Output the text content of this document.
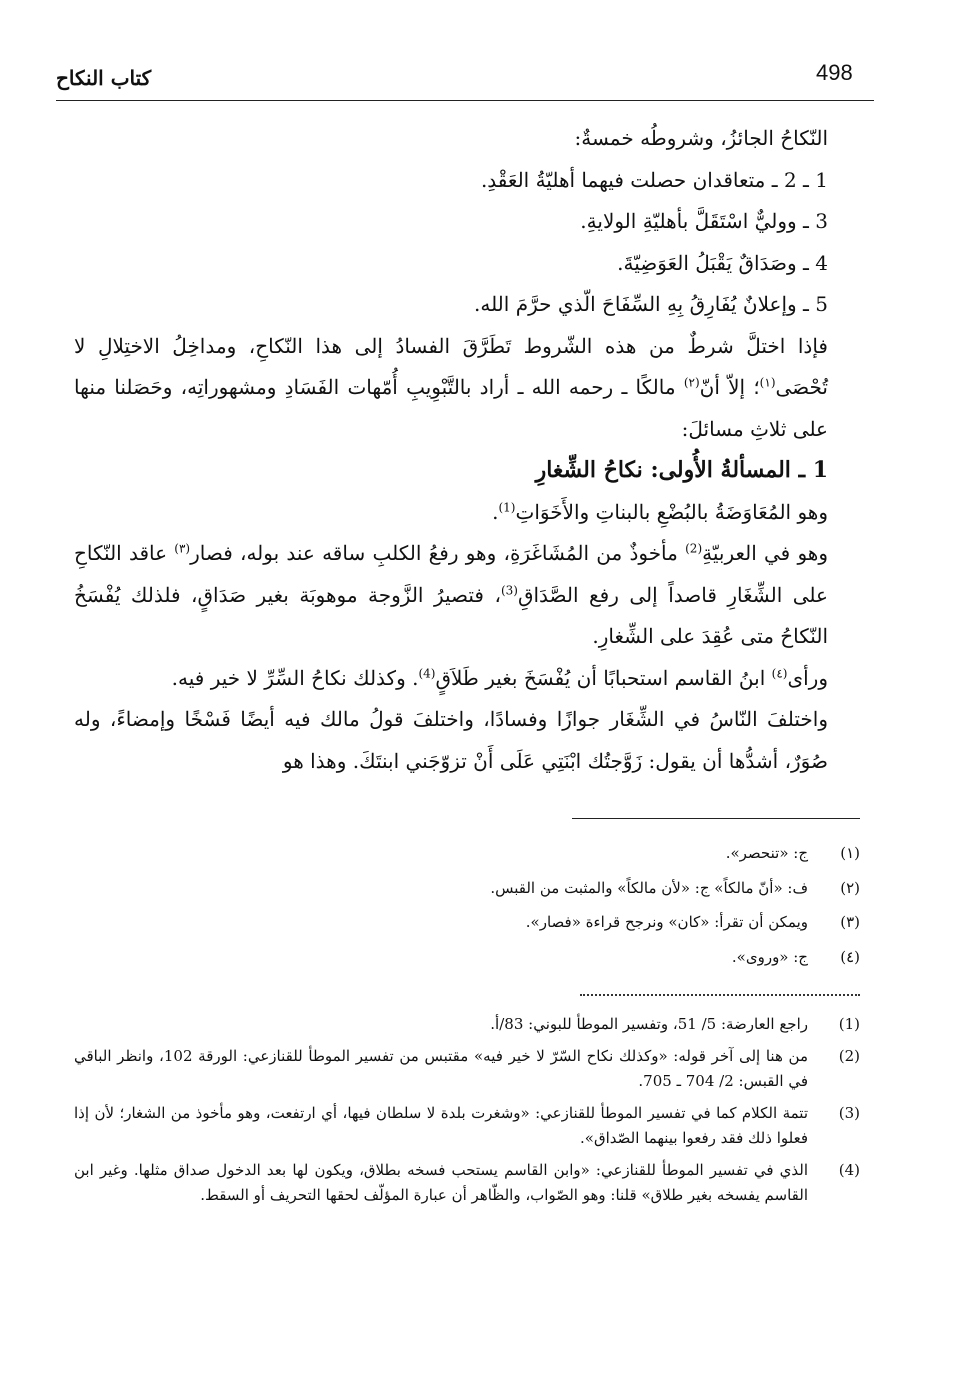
498
كتاب النكاح

النّكاحُ الجائزُ، وشروطُه خمسةٌ:

1 ـ 2 ـ متعاقدان حصلت فيهما أهليّةُ العَقْدِ.

3 ـ ووليٌّ اسْتَقَلَّ بأهليّةِ الولايةِ.

4 ـ وصَدَاقٌ يَقْبَلُ العَوَضِيّةَ.

5 ـ وإعلانٌ يُفَارِقُ بِهِ السِّفَاحَ الّذي حرَّمَ الله.

فإذا اختلَّ شرطٌ من هذه الشّروط تَطَرَّقَ الفسادُ إلى هذا النّكاحِ، ومداخِلُ الاختِلالِ لا تُحْصَى$^{(١)}$؛ إلاّ أنّ$^{(٢)}$ مالكًا ـ رحمه الله ـ أراد بالتَّبْوِيبِ أُمّهات الفَسَادِ ومشهوراتِه، وحَصَلنا منها على ثلاثِ مسائلَ:

1 ـ المسألةُ الأُولى: نكاحُ الشِّغارِ

وهو المُعَاوَضَةُ بالبُضْعِ بالبناتِ والأَخَوَاتِ$^{(1)}$.

وهو في العربيّةِ$^{(2)}$ مأخوذٌ من المُشَاغَرَةِ، وهو رفعُ الكلبِ ساقه عند بوله، فصار$^{(٣)}$ عاقد النّكاحِ على الشِّغَارِ قاصداً إلى رفع الصَّدَاقِ$^{(3)}$، فتصيرُ الزَّوجة موهوبَة بغير صَدَاقٍ، فلذلك يُفْسَخُ النّكاحُ متى عُقِدَ على الشِّغارِ.

ورأى$^{(٤)}$ ابنُ القاسم استحبابًا أن يُفْسَخَ بغير طَلاَقٍ$^{(4)}$. وكذلك نكاحُ السِّرِّ لا خير فيه.

واختلفَ النّاسُ في الشِّغَار جوازًا وفسادًا، واختلفَ قولُ مالك فيه أيضًا فَسْخًا وإمضاءً، وله صُوَرٌ، أشدُّها أن يقول: زَوَّجتُك ابْنَتِي عَلَى أَنْ تزوّجَني ابنتَكَ. وهذا هو

(١)
ج: «تنحصر».
(٢)
ف: «أنّ مالكاً» ج: «لأن مالكاً» والمثبت من القبس.
(٣)
ويمكن أن تقرأ: «كان» ونرجح قراءة «فصار».
(٤)
ج: «وروى».
(1)
راجع العارضة: 5/ 51، وتفسير الموطأ للبوني: 83/أ.
(2)
من هنا إلى آخر قوله: «وكذلك نكاح السّرّ لا خير فيه» مقتبس من تفسير الموطأ للقنازعي: الورقة 102، وانظر الباقي في القبس: 2/ 704 ـ 705.
(3)
تتمة الكلام كما في تفسير الموطأ للقنازعي: «وشغرت بلدة لا سلطان فيها، أي ارتفعت، وهو مأخوذ من الشغار؛ لأن إذا فعلوا ذلك فقد رفعوا بينهما الصّداق».
(4)
الذي في تفسير الموطأ للقنازعي: «وابن القاسم يستحب فسخه بطلاق، ويكون لها بعد الدخول صداق مثلها. وغير ابن القاسم يفسخه بغير طلاق» قلنا: وهو الصّواب، والظّاهر أن عبارة المؤلّف لحقها التحريف أو السقط.
